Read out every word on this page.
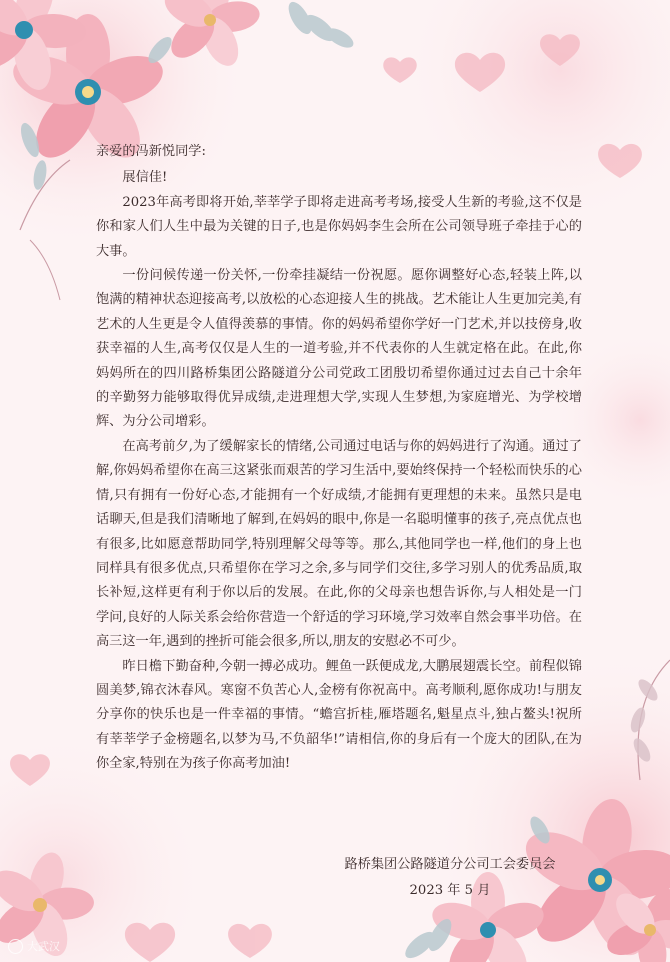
亲爱的冯新悦同学:

展信佳!

2023年高考即将开始,莘莘学子即将走进高考考场,接受人生新的考验,这不仅是你和家人们人生中最为关键的日子,也是你妈妈李生会所在公司领导班子牵挂于心的大事。

一份问候传递一份关怀,一份牵挂凝结一份祝愿。愿你调整好心态,轻装上阵,以饱满的精神状态迎接高考,以放松的心态迎接人生的挑战。艺术能让人生更加完美,有艺术的人生更是令人值得羡慕的事情。你的妈妈希望你学好一门艺术,并以技傍身,收获幸福的人生,高考仅仅是人生的一道考验,并不代表你的人生就定格在此。在此,你妈妈所在的四川路桥集团公路隧道分公司党政工团殷切希望你通过过去自己十余年的辛勤努力能够取得优异成绩,走进理想大学,实现人生梦想,为家庭增光、为学校增辉、为分公司增彩。

在高考前夕,为了缓解家长的情绪,公司通过电话与你的妈妈进行了沟通。通过了解,你妈妈希望你在高三这紧张而艰苦的学习生活中,要始终保持一个轻松而快乐的心情,只有拥有一份好心态,才能拥有一个好成绩,才能拥有更理想的未来。虽然只是电话聊天,但是我们清晰地了解到,在妈妈的眼中,你是一名聪明懂事的孩子,亮点优点也有很多,比如愿意帮助同学,特别理解父母等等。那么,其他同学也一样,他们的身上也同样具有很多优点,只希望你在学习之余,多与同学们交往,多学习别人的优秀品质,取长补短,这样更有利于你以后的发展。在此,你的父母亲也想告诉你,与人相处是一门学问,良好的人际关系会给你营造一个舒适的学习环境,学习效率自然会事半功倍。在高三这一年,遇到的挫折可能会很多,所以,朋友的安慰必不可少。

昨日檐下勤奋种,今朝一搏必成功。鲤鱼一跃便成龙,大鹏展翅震长空。前程似锦圆美梦,锦衣沐春风。寒窗不负苦心人,金榜有你祝高中。高考顺利,愿你成功!与朋友分享你的快乐也是一件幸福的事情。“蟾宫折桂,雁塔题名,魁星点斗,独占鳌头!祝所有莘莘学子金榜题名,以梦为马,不负韶华!”请相信,你的身后有一个庞大的团队,在为你全家,特别在为孩子你高考加油!

路桥集团公路隧道分公司工会委员会
2023 年 5 月
大武汉
